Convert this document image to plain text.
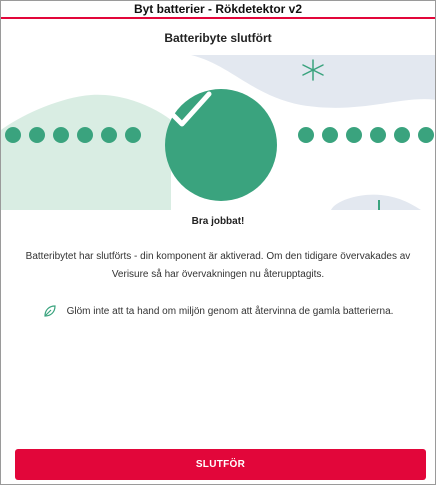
Byt batterier - Rökdetektor v2
Batteribyte slutfört
Bra jobbat!
Batteribytet har slutförts - din komponent är aktiverad. Om den tidigare övervakades av Verisure så har övervakningen nu återupptagits.
Glöm inte att ta hand om miljön genom att återvinna de gamla batterierna.
SLUTFÖR
